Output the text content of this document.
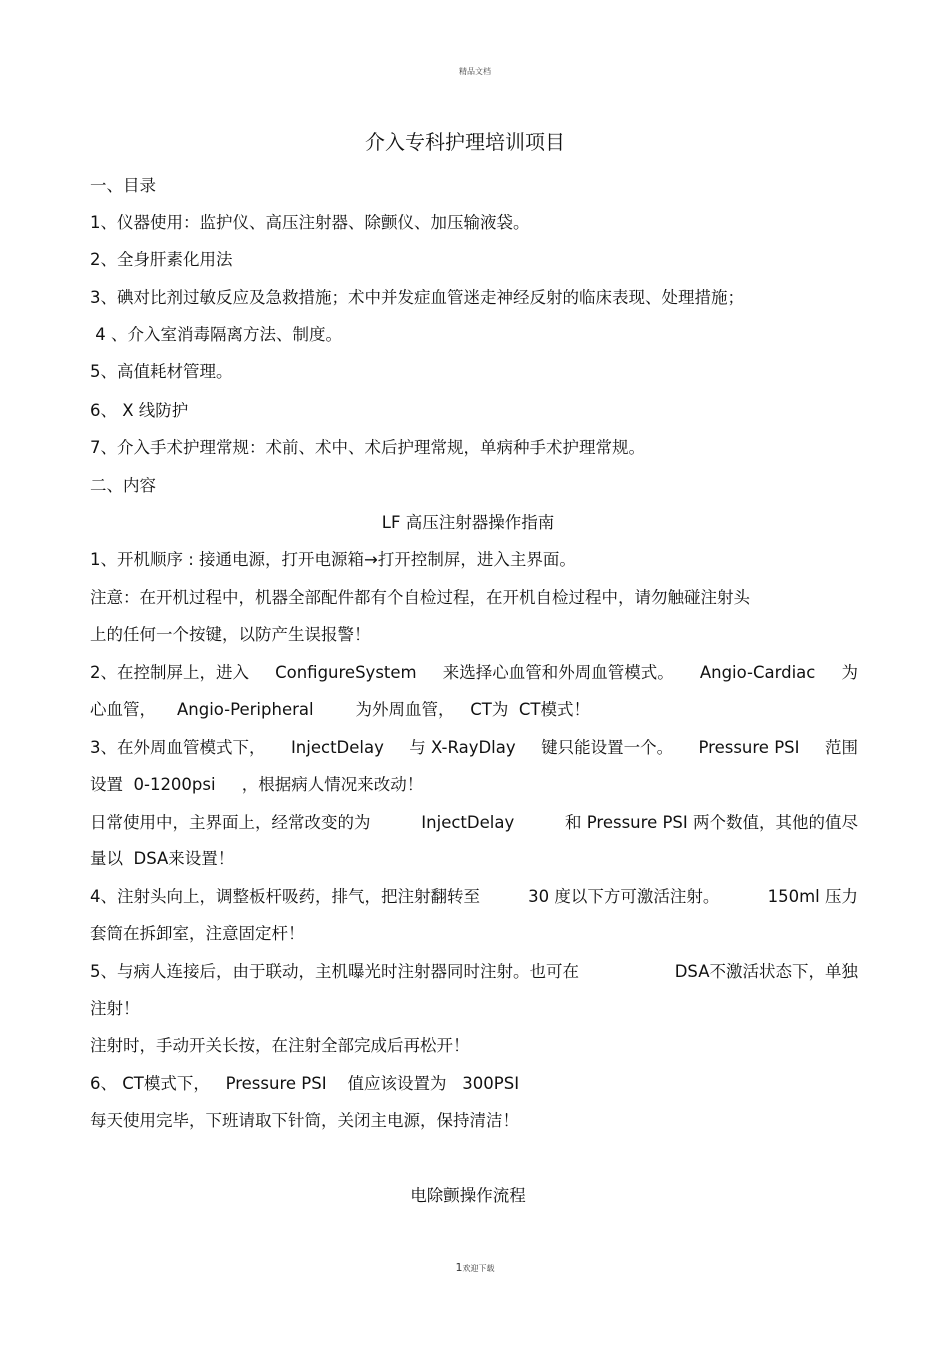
精品文档
介入专科护理培训项目
一、目录
1、仪器使用：监护仪、高压注射器、除颤仪、加压输液袋。
2、全身肝素化用法
3、碘对比剂过敏反应及急救措施；术中并发症血管迷走神经反射的临床表现、处理措施；
4 、介入室消毒隔离方法、制度。
5、高值耗材管理。
6、 X 线防护
7、介入手术护理常规：术前、术中、术后护理常规，单病种手术护理常规。
二、内容
LF 高压注射器操作指南
1、开机顺序 : 接通电源，打开电源箱→打开控制屏，进入主界面。
注意：在开机过程中，机器全部配件都有个自检过程，在开机自检过程中，请勿触碰注射头
上的任何一个按键，以防产生误报警！
2、在控制屏上，进入 ConfigureSystem 来选择心血管和外周血管模式。 Angio-Cardiac 为
心血管，    Angio-Peripheral        为外周血管，   CT为  CT模式！
3、在外周血管模式下， InjectDelay 与 X-RayDlay 键只能设置一个。 Pressure PSI 范围
设置  0-1200psi     ，根据病人情况来改动！
日常使用中，主界面上，经常改变的为	InjectDelay	和 Pressure PSI 两个数值，其他的值尽
量以  DSA来设置！
4、注射头向上，调整板杆吸药，排气，把注射翻转至	30 度以下方可激活注射。	150ml 压力
套筒在拆卸室，注意固定杆！
5、与病人连接后，由于联动，主机曝光时注射器同时注射。也可在	DSA不激活状态下，单独
注射！
注射时，手动开关长按，在注射全部完成后再松开！
6、 CT模式下，   Pressure PSI    值应该设置为   300PSI
每天使用完毕，下班请取下针筒，关闭主电源，保持清洁！
电除颤操作流程
1欢迎下载
